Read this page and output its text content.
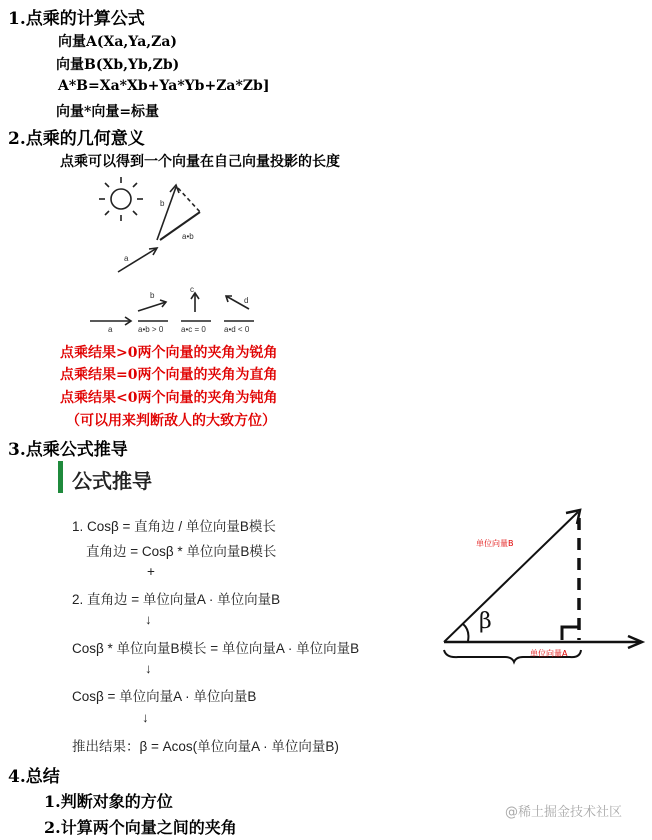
1.点乘的计算公式
向量A(Xa,Ya,Za)
向量B(Xb,Yb,Zb)
A*B=Xa*Xb+Ya*Yb+Za*Zb]
向量*向量=标量
2.点乘的几何意义
点乘可以得到一个向量在自己向量投影的长度
b
a•b
a
b
a	a•b > 0
c
a•c = 0
d
a•d < 0
点乘结果>0两个向量的夹角为锐角
点乘结果=0两个向量的夹角为直角
点乘结果<0两个向量的夹角为钝角
（可以用来判断敌人的大致方位）
3.点乘公式推导
公式推导
1. Cosβ = 直角边 / 单位向量B模长
直角边 = Cosβ * 单位向量B模长
+
2. 直角边 = 单位向量A · 单位向量B
↓
Cosβ * 单位向量B模长 = 单位向量A · 单位向量B
↓
Cosβ = 单位向量A · 单位向量B
↓
推出结果：β = Acos(单位向量A · 单位向量B)
单位向量B
单位向量A
β
4.总结
1.判断对象的方位
2.计算两个向量之间的夹角
@稀土掘金技术社区
